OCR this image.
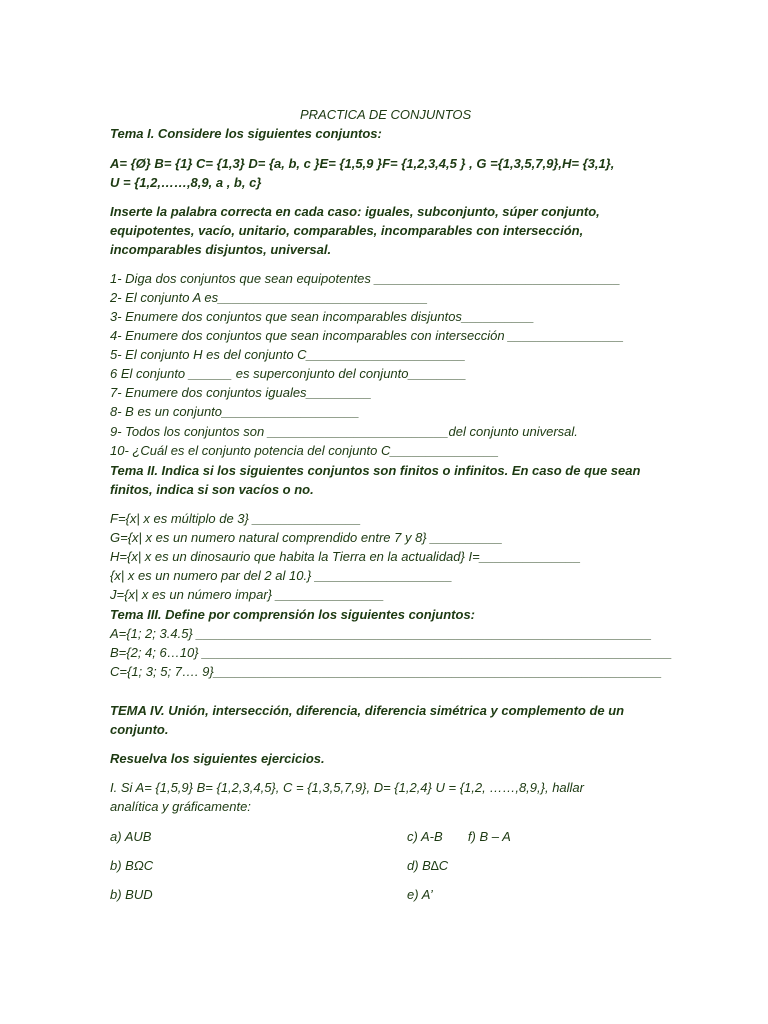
PRACTICA DE CONJUNTOS
Tema I. Considere los siguientes conjuntos:
A= {Ø} B= {1} C= {1,3} D= {a, b, c }E= {1,5,9 }F= {1,2,3,4,5 } , G ={1,3,5,7,9},H= {3,1},
U = {1,2,……,8,9, a , b, c}
Inserte la palabra correcta en cada caso: iguales, subconjunto, súper conjunto,
equipotentes, vacío, unitario, comparables, incomparables con intersección,
incomparables disjuntos, universal.
1- Diga dos conjuntos que sean equipotentes __________________________________
2- El conjunto A es_____________________________
3- Enumere dos conjuntos que sean incomparables disjuntos__________
4- Enumere dos conjuntos que sean incomparables con intersección ________________
5- El conjunto H es del conjunto C______________________
6 El conjunto ______ es superconjunto del conjunto________
7- Enumere dos conjuntos iguales_________
8- B es un conjunto___________________
9- Todos los conjuntos son _________________________del conjunto universal.
10- ¿Cuál es el conjunto potencia del conjunto C_______________
Tema II. Indica si los siguientes conjuntos son finitos o infinitos. En caso de que sean
finitos, indica si son vacíos o no.
F={x| x es múltiplo de 3} _______________
G={x| x es un numero natural comprendido entre 7 y 8} __________
H={x| x es un dinosaurio que habita la Tierra en la actualidad} I=______________
{x| x es un numero par del 2 al 10.} ___________________
J={x| x es un número impar} _______________
Tema III. Define por comprensión los siguientes conjuntos:
A={1; 2; 3.4.5} _______________________________________________________________
B={2; 4; 6…10} _________________________________________________________________
C={1; 3; 5; 7…. 9}______________________________________________________________
TEMA IV. Unión, intersección, diferencia, diferencia simétrica y complemento de un
conjunto.
Resuelva los siguientes ejercicios.
I. Si A= {1,5,9} B= {1,2,3,4,5}, C = {1,3,5,7,9}, D= {1,2,4} U = {1,2, ……,8,9,}, hallar
analítica y gráficamente:
a) AUB	c) A-B       f) B – A
b) BΩC	d) B∆C
b) BUD	e) A’
